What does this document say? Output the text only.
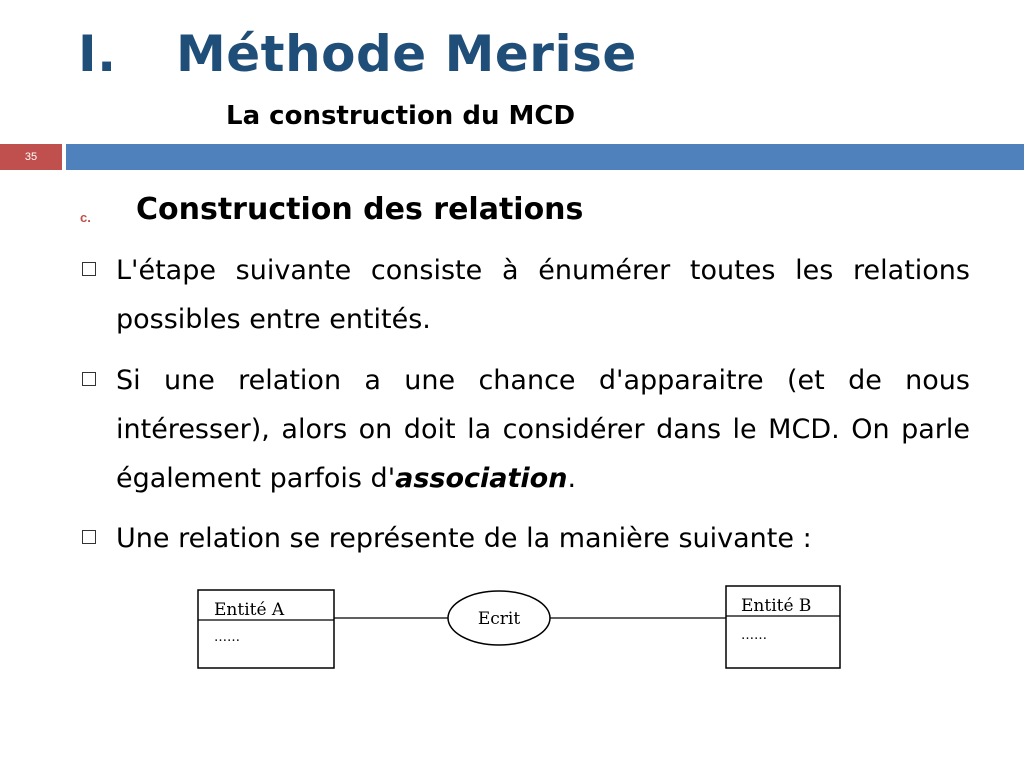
I. Méthode Merise
La construction du MCD
35
c. Construction des relations
L'étape suivante consiste à énumérer toutes les relations possibles entre entités.
Si une relation a une chance d'apparaitre (et de nous intéresser), alors on doit la considérer dans le MCD. On parle également parfois d'association.
Une relation se représente de la manière suivante :
Entité A
……
Ecrit
Entité B
……
